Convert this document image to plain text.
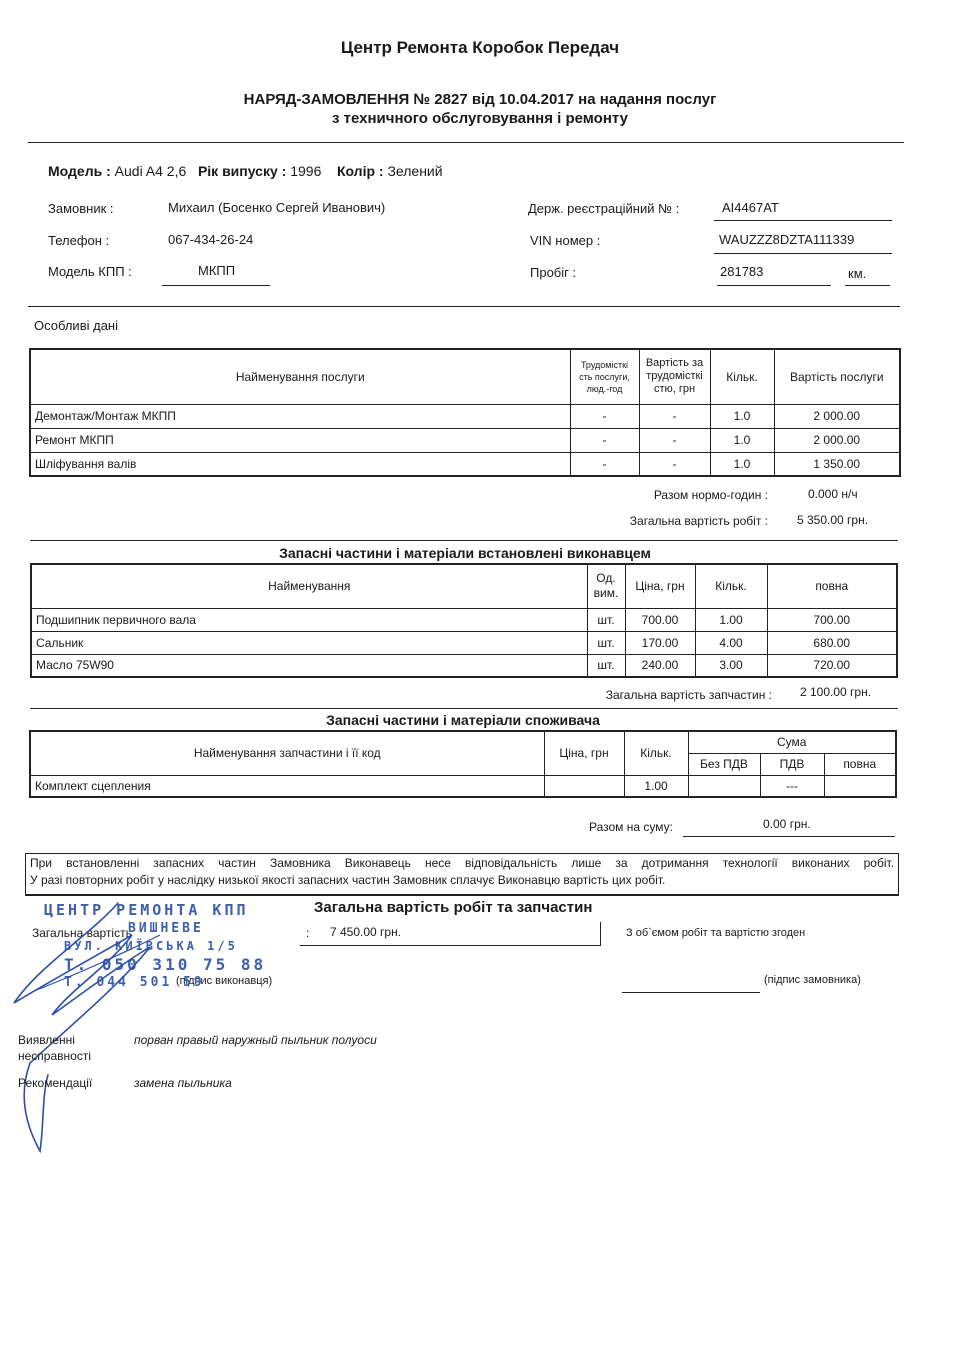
Центр Ремонта Коробок Передач
НАРЯД-ЗАМОВЛЕННЯ № 2827 від 10.04.2017 на надання послуг
з техничного обслуговування і ремонту
Модель : Audi A4 2,6 Рік випуску : 1996 Колір : Зелений
Замовник :	Михаил (Босенко Сергей Иванович)
Телефон :	067-434-26-24
Модель КПП :	МКПП
Держ. реєстраційний № :	AI4467AT
VIN номер :	WAUZZZ8DZTA111339
Пробіг :	281783	км.
Особливі дані
Найменування послуги	Трудомісткі сть послуги, люд.-год	Вартість за трудомісткі стю, грн	Кільк.	Вартість послуги
Демонтаж/Монтаж МКПП	-	-	1.0	2 000.00
Ремонт МКПП	-	-	1.0	2 000.00
Шліфування валів	-	-	1.0	1 350.00
Разом нормо-годин :	0.000 н/ч
Загальна вартість робіт : 5 350.00 грн.
Запасні частини і матеріали встановлені виконавцем
Найменування	Од. вим.	Ціна, грн	Кільк.	повна
Подшипник первичного вала	шт.	700.00	1.00	700.00
Сальник	шт.	170.00	4.00	680.00
Масло 75W90	шт.	240.00	3.00	720.00
Загальна вартість запчастин : 2 100.00 грн.
Запасні частини і матеріали споживача
Найменування запчастини і її код	Ціна, грн	Кільк.	Сума		
			Без ПДВ	ПДВ	повна
Комплект сцепления		1.00		---	
Разом на суму:	0.00 грн.
При встановленні запасних частин Замовника Виконавець несе відповідальність лише за дотримання технології виконаних робіт.
У разі повторних робіт у наслідку низької якості запасних частин Замовник сплачує Виконавцю вартість цих робіт.
Загальна вартість робіт та запчастин
Загальна вартість	: 7 450.00 грн.	З об`ємом робіт та вартістю згоден
(підпис виконавця)	(підпис замовника)
ЦЕНТР РЕМОНТА КПП
ВИШНЕВЕ
ВУЛ. КИЇВСЬКА 1/5
Т. 050 310 75 88
Т. 044 501 59
Виявленні
несправності
порван правый наружный пыльник полуоси
Рекомендації	замена пыльника
